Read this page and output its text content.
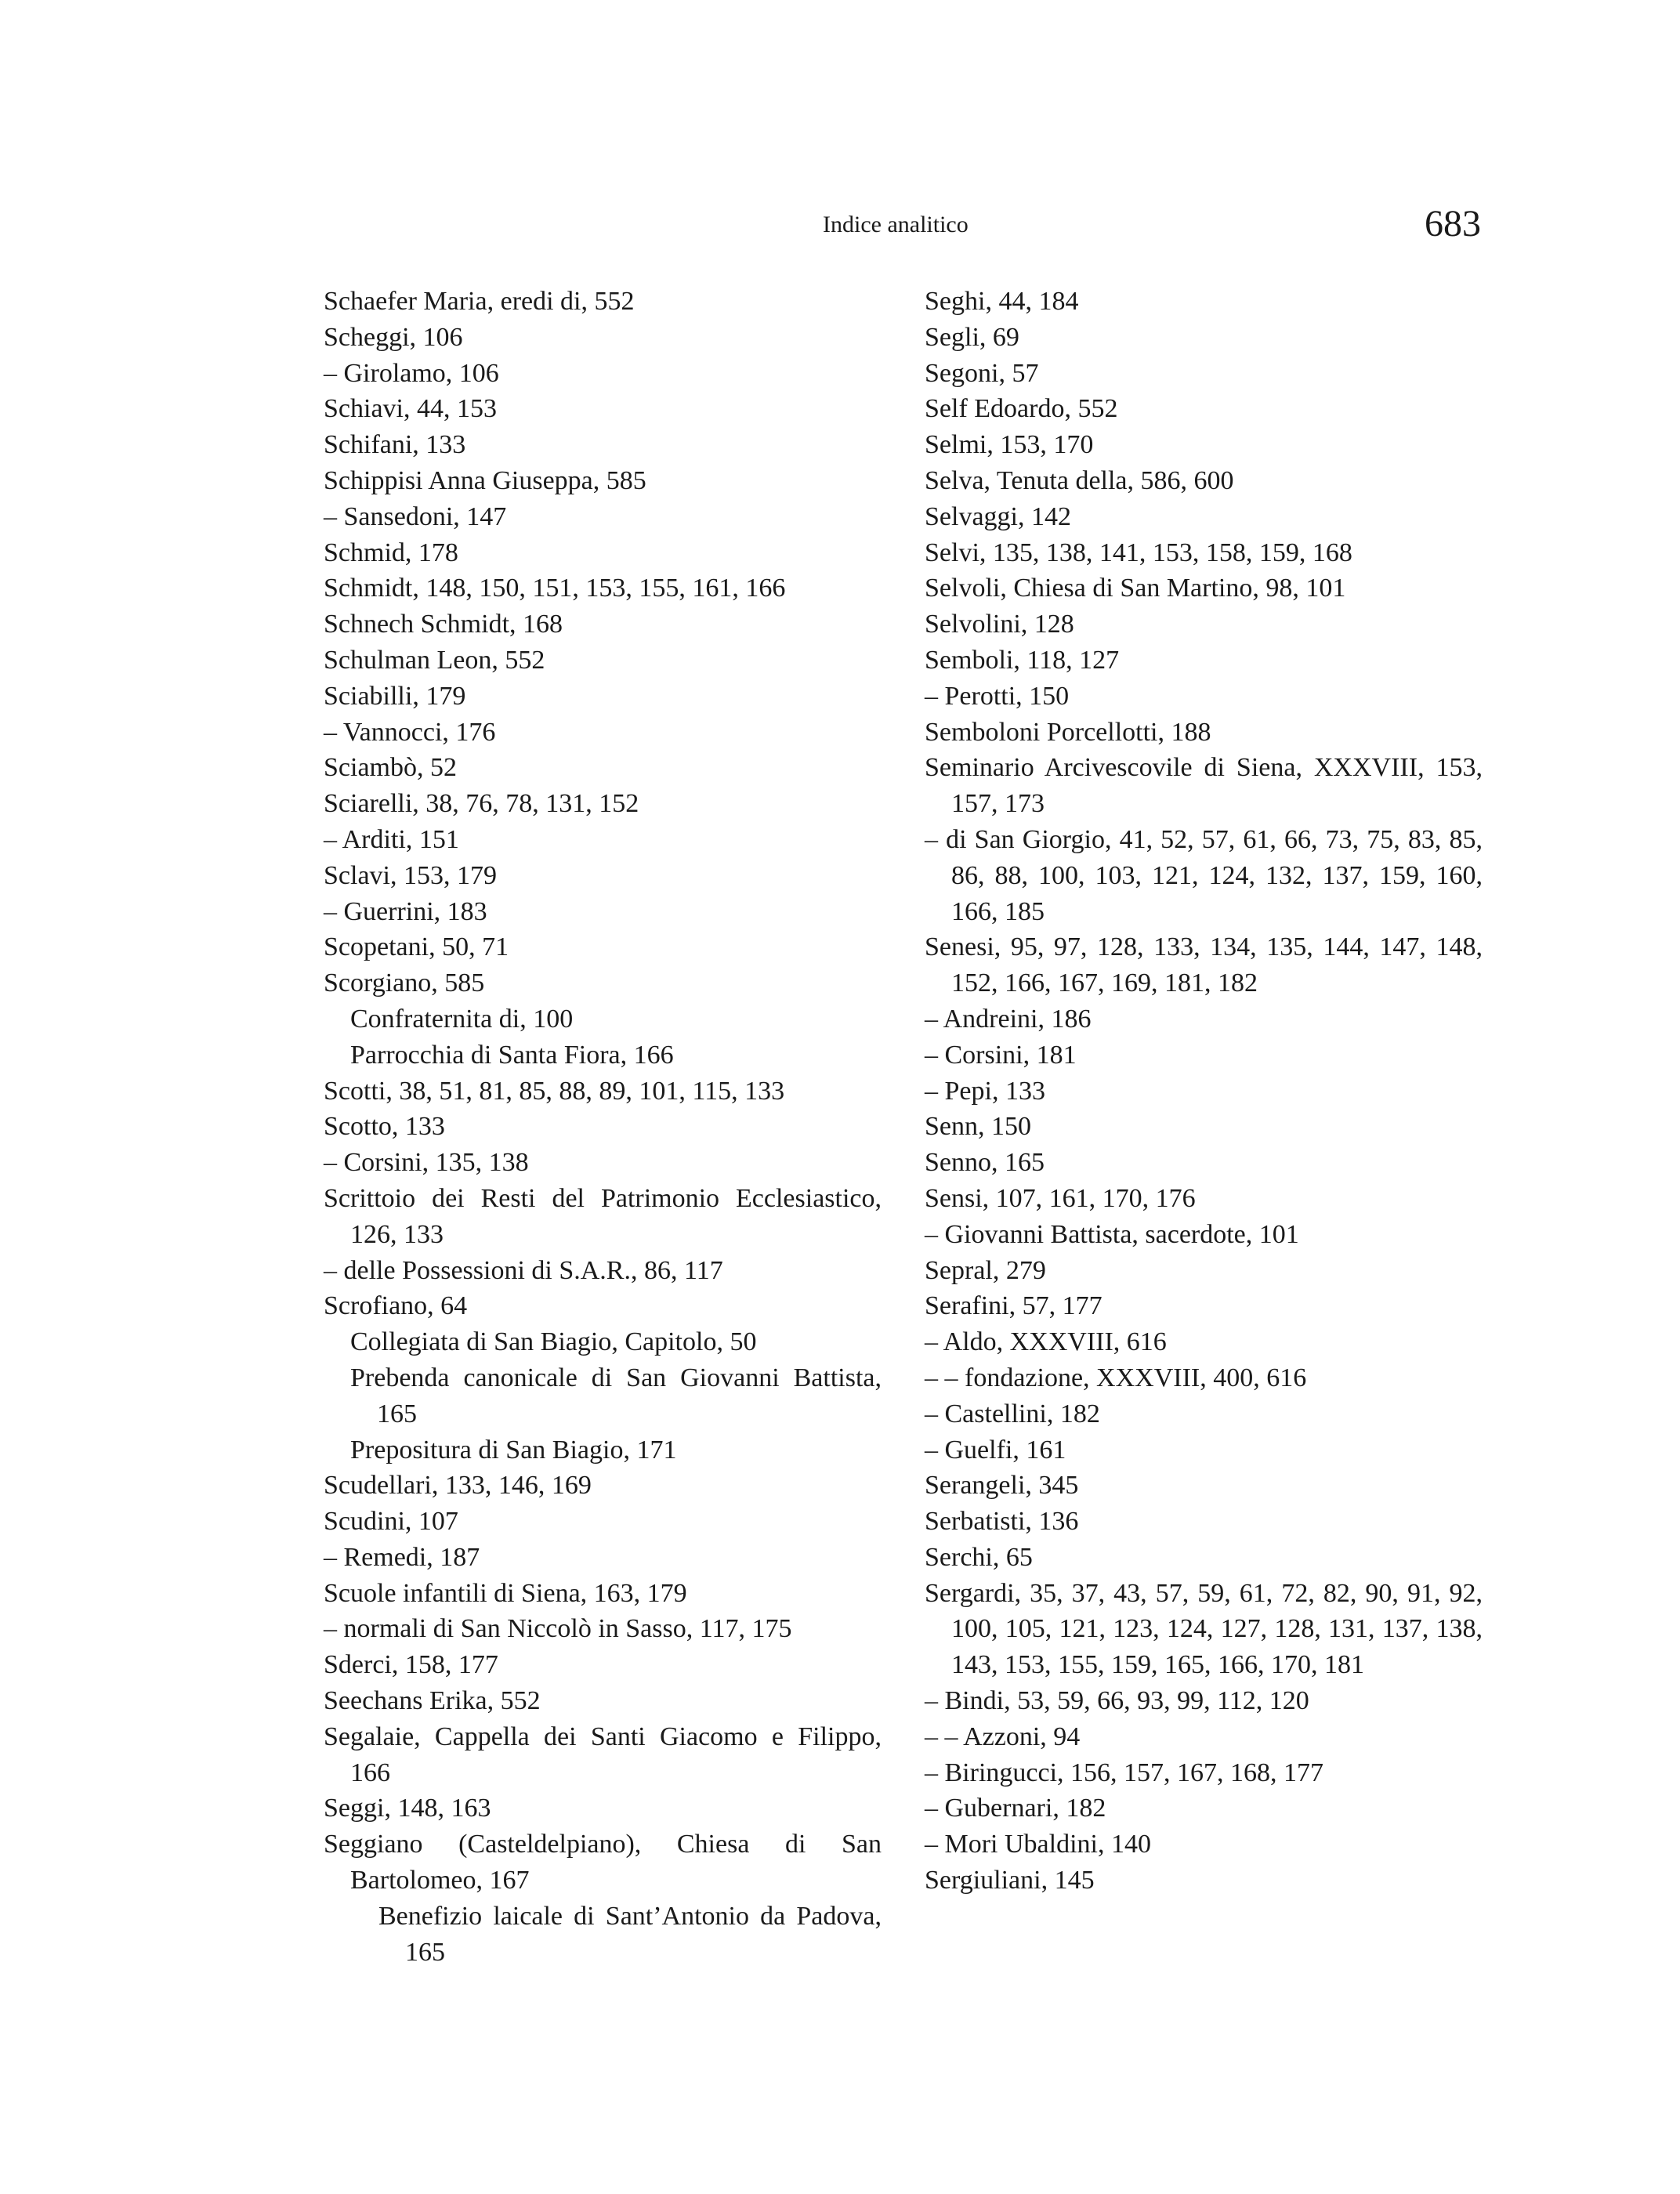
Indice analitico	683
Schaefer Maria, eredi di, 552
Scheggi, 106
– Girolamo, 106
Schiavi, 44, 153
Schifani, 133
Schippisi Anna Giuseppa, 585
– Sansedoni, 147
Schmid, 178
Schmidt, 148, 150, 151, 153, 155, 161, 166
Schnech Schmidt, 168
Schulman Leon, 552
Sciabilli, 179
– Vannocci, 176
Sciambò, 52
Sciarelli, 38, 76, 78, 131, 152
– Arditi, 151
Sclavi, 153, 179
– Guerrini, 183
Scopetani, 50, 71
Scorgiano, 585
Confraternita di, 100
Parrocchia di Santa Fiora, 166
Scotti, 38, 51, 81, 85, 88, 89, 101, 115, 133
Scotto, 133
– Corsini, 135, 138
Scrittoio dei Resti del Patrimonio Ecclesiastico, 126, 133
– delle Possessioni di S.A.R., 86, 117
Scrofiano, 64
Collegiata di San Biagio, Capitolo, 50
Prebenda canonicale di San Giovanni Battista, 165
Prepositura di San Biagio, 171
Scudellari, 133, 146, 169
Scudini, 107
– Remedi, 187
Scuole infantili di Siena, 163, 179
– normali di San Niccolò in Sasso, 117, 175
Sderci, 158, 177
Seechans Erika, 552
Segalaie, Cappella dei Santi Giacomo e Filippo, 166
Seggi, 148, 163
Seggiano (Casteldelpiano), Chiesa di San Bartolomeo, 167
Benefizio laicale di Sant’Antonio da Padova, 165
Seghi, 44, 184
Segli, 69
Segoni, 57
Self Edoardo, 552
Selmi, 153, 170
Selva, Tenuta della, 586, 600
Selvaggi, 142
Selvi, 135, 138, 141, 153, 158, 159, 168
Selvoli, Chiesa di San Martino, 98, 101
Selvolini, 128
Semboli, 118, 127
– Perotti, 150
Semboloni Porcellotti, 188
Seminario Arcivescovile di Siena, XXXVIII, 153, 157, 173
– di San Giorgio, 41, 52, 57, 61, 66, 73, 75, 83, 85, 86, 88, 100, 103, 121, 124, 132, 137, 159, 160, 166, 185
Senesi, 95, 97, 128, 133, 134, 135, 144, 147, 148, 152, 166, 167, 169, 181, 182
– Andreini, 186
– Corsini, 181
– Pepi, 133
Senn, 150
Senno, 165
Sensi, 107, 161, 170, 176
– Giovanni Battista, sacerdote, 101
Sepral, 279
Serafini, 57, 177
– Aldo, XXXVIII, 616
– – fondazione, XXXVIII, 400, 616
– Castellini, 182
– Guelfi, 161
Serangeli, 345
Serbatisti, 136
Serchi, 65
Sergardi, 35, 37, 43, 57, 59, 61, 72, 82, 90, 91, 92, 100, 105, 121, 123, 124, 127, 128, 131, 137, 138, 143, 153, 155, 159, 165, 166, 170, 181
– Bindi, 53, 59, 66, 93, 99, 112, 120
– – Azzoni, 94
– Biringucci, 156, 157, 167, 168, 177
– Gubernari, 182
– Mori Ubaldini, 140
Sergiuliani, 145
